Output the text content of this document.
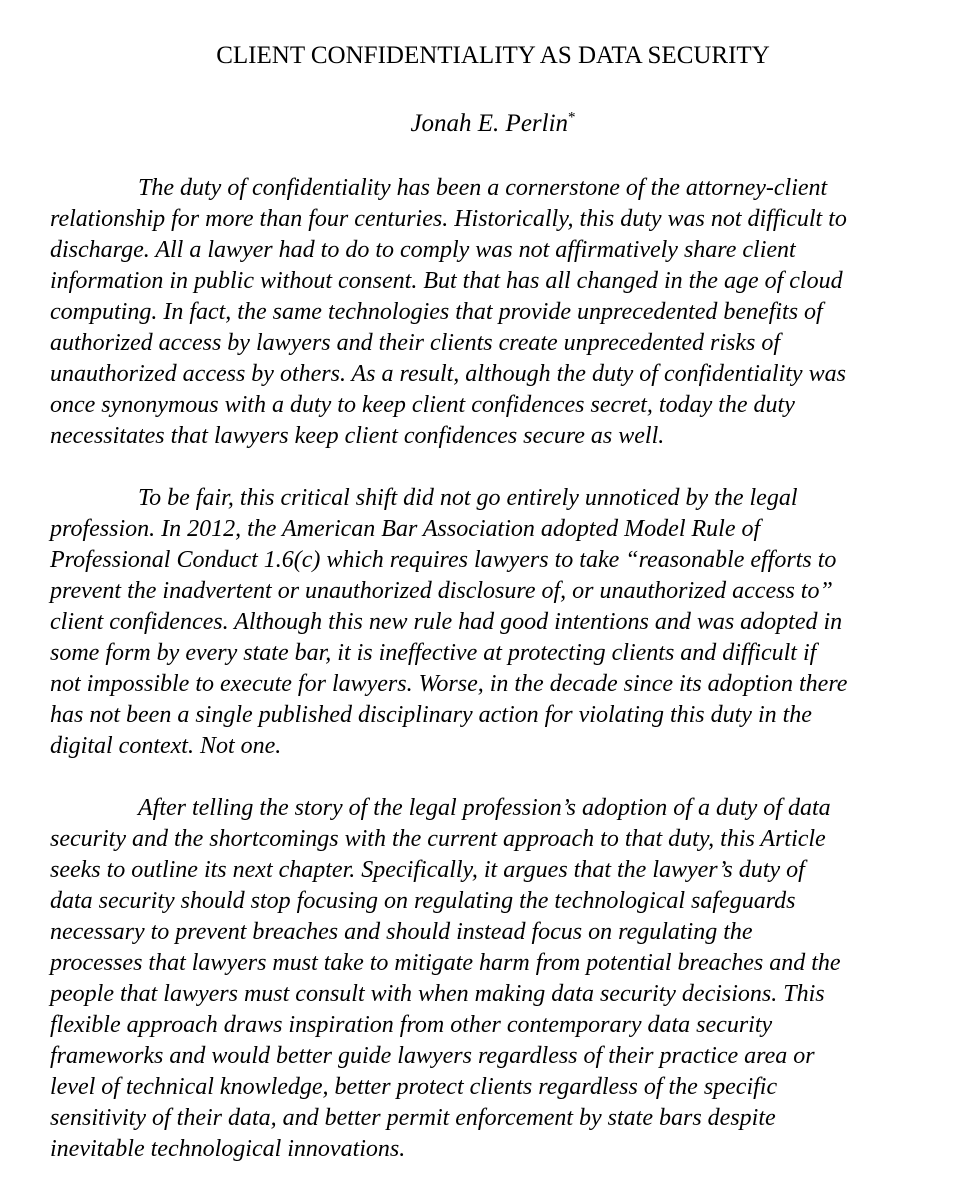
CLIENT CONFIDENTIALITY AS DATA SECURITY
Jonah E. Perlin*

The duty of confidentiality has been a cornerstone of the attorney-client
relationship for more than four centuries. Historically, this duty was not difficult to
discharge. All a lawyer had to do to comply was not affirmatively share client
information in public without consent. But that has all changed in the age of cloud
computing. In fact, the same technologies that provide unprecedented benefits of
authorized access by lawyers and their clients create unprecedented risks of
unauthorized access by others. As a result, although the duty of confidentiality was
once synonymous with a duty to keep client confidences secret, today the duty
necessitates that lawyers keep client confidences secure as well.

To be fair, this critical shift did not go entirely unnoticed by the legal
profession. In 2012, the American Bar Association adopted Model Rule of
Professional Conduct 1.6(c) which requires lawyers to take “reasonable efforts to
prevent the inadvertent or unauthorized disclosure of, or unauthorized access to”
client confidences. Although this new rule had good intentions and was adopted in
some form by every state bar, it is ineffective at protecting clients and difficult if
not impossible to execute for lawyers. Worse, in the decade since its adoption there
has not been a single published disciplinary action for violating this duty in the
digital context. Not one.

After telling the story of the legal profession’s adoption of a duty of data
security and the shortcomings with the current approach to that duty, this Article
seeks to outline its next chapter. Specifically, it argues that the lawyer’s duty of
data security should stop focusing on regulating the technological safeguards
necessary to prevent breaches and should instead focus on regulating the
processes that lawyers must take to mitigate harm from potential breaches and the
people that lawyers must consult with when making data security decisions. This
flexible approach draws inspiration from other contemporary data security
frameworks and would better guide lawyers regardless of their practice area or
level of technical knowledge, better protect clients regardless of the specific
sensitivity of their data, and better permit enforcement by state bars despite
inevitable technological innovations.
